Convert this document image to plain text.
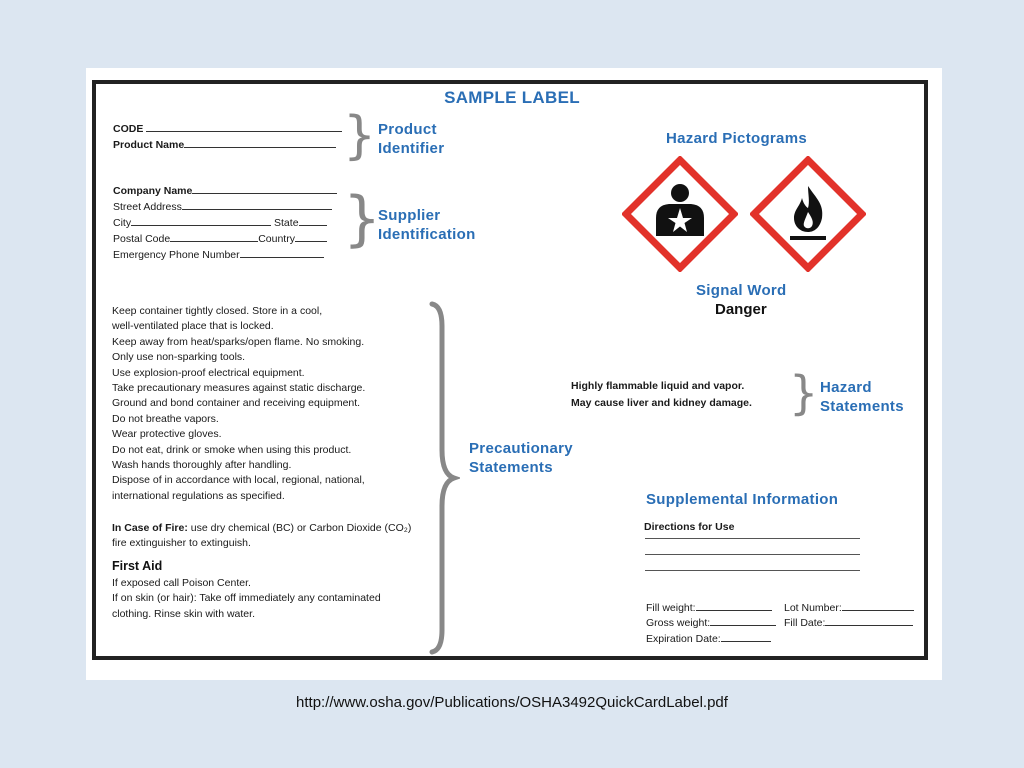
SAMPLE LABEL
CODE
Product Name	} Product
Identifier
Company Name
Street Address
City	State
Postal Code	Country
Emergency Phone Number
}
Supplier
Identification
Hazard Pictograms
Signal Word
Danger
Highly flammable liquid and vapor.
May cause liver and kidney damage. } Hazard
Statements

Keep container tightly closed. Store in a cool,

well-ventilated place that is locked.

Keep away from heat/sparks/open flame. No smoking.

Only use non-sparking tools.

Use explosion-proof electrical equipment.

Take precautionary measures against static discharge.

Ground and bond container and receiving equipment.

Do not breathe vapors.

Wear protective gloves.

Do not eat, drink or smoke when using this product.

Wash hands thoroughly after handling.

Dispose of in accordance with local, regional, national,

international regulations as specified.

In Case of Fire: use dry chemical (BC) or Carbon Dioxide (CO₂)

fire extinguisher to extinguish.

First Aid

If exposed call Poison Center.

If on skin (or hair): Take off immediately any contaminated

clothing. Rinse skin with water.

Precautionary
Statements
Supplemental Information
Directions for Use
Fill weight:	Lot Number:
Gross weight:	Fill Date:
Expiration Date:
http://www.osha.gov/Publications/OSHA3492QuickCardLabel.pdf
